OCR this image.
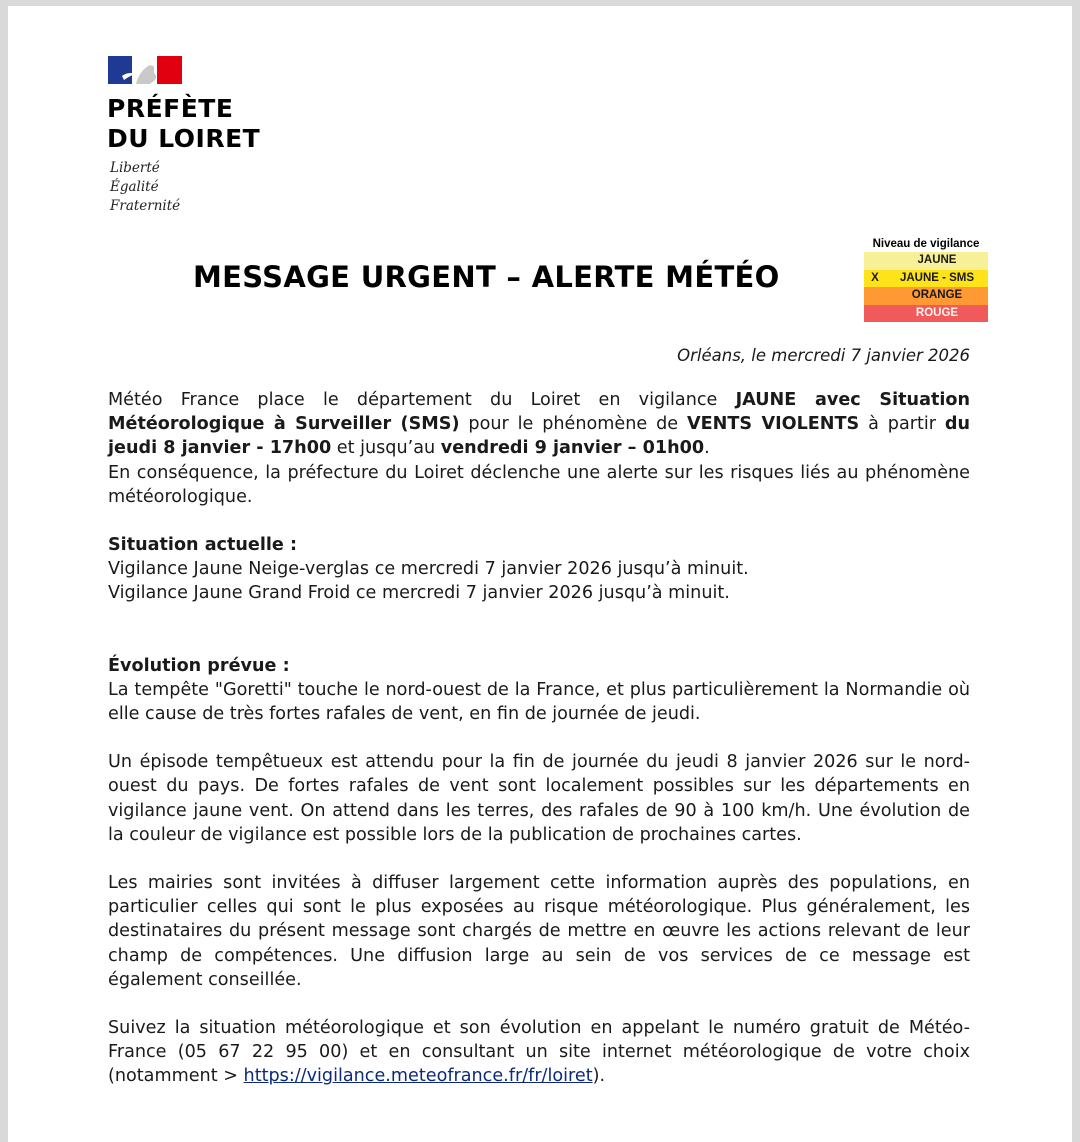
PRÉFÈTE
DU LOIRET
Liberté
Égalité
Fraternité
Niveau de vigilance
JAUNE
X	JAUNE - SMS
ORANGE
ROUGE
MESSAGE URGENT – ALERTE MÉTÉO
Orléans, le mercredi 7 janvier 2026

Météo France place le département du Loiret en vigilance JAUNE avec Situation Météorologique à Surveiller (SMS) pour le phénomène de VENTS VIOLENTS à partir du jeudi 8 janvier - 17h00 et jusqu’au vendredi 9 janvier – 01h00.

En conséquence, la préfecture du Loiret déclenche une alerte sur les risques liés au phénomène météorologique.

Situation actuelle :
Vigilance Jaune Neige-verglas ce mercredi 7 janvier 2026 jusqu’à minuit.
Vigilance Jaune Grand Froid ce mercredi 7 janvier 2026 jusqu’à minuit.
Évolution prévue :

La tempête "Goretti" touche le nord-ouest de la France, et plus particulièrement la Normandie où elle cause de très fortes rafales de vent, en fin de journée de jeudi.

Un épisode tempêtueux est attendu pour la fin de journée du jeudi 8 janvier 2026 sur le nord-ouest du pays. De fortes rafales de vent sont localement possibles sur les départements en vigilance jaune vent. On attend dans les terres, des rafales de 90 à 100 km/h. Une évolution de la couleur de vigilance est possible lors de la publication de prochaines cartes.

Les mairies sont invitées à diffuser largement cette information auprès des populations, en particulier celles qui sont le plus exposées au risque météorologique. Plus généralement, les destinataires du présent message sont chargés de mettre en œuvre les actions relevant de leur champ de compétences. Une diffusion large au sein de vos services de ce message est également conseillée.

Suivez la situation météorologique et son évolution en appelant le numéro gratuit de Météo-France (05 67 22 95 00) et en consultant un site internet météorologique de votre choix (notamment > https://vigilance.meteofrance.fr/fr/loiret).
